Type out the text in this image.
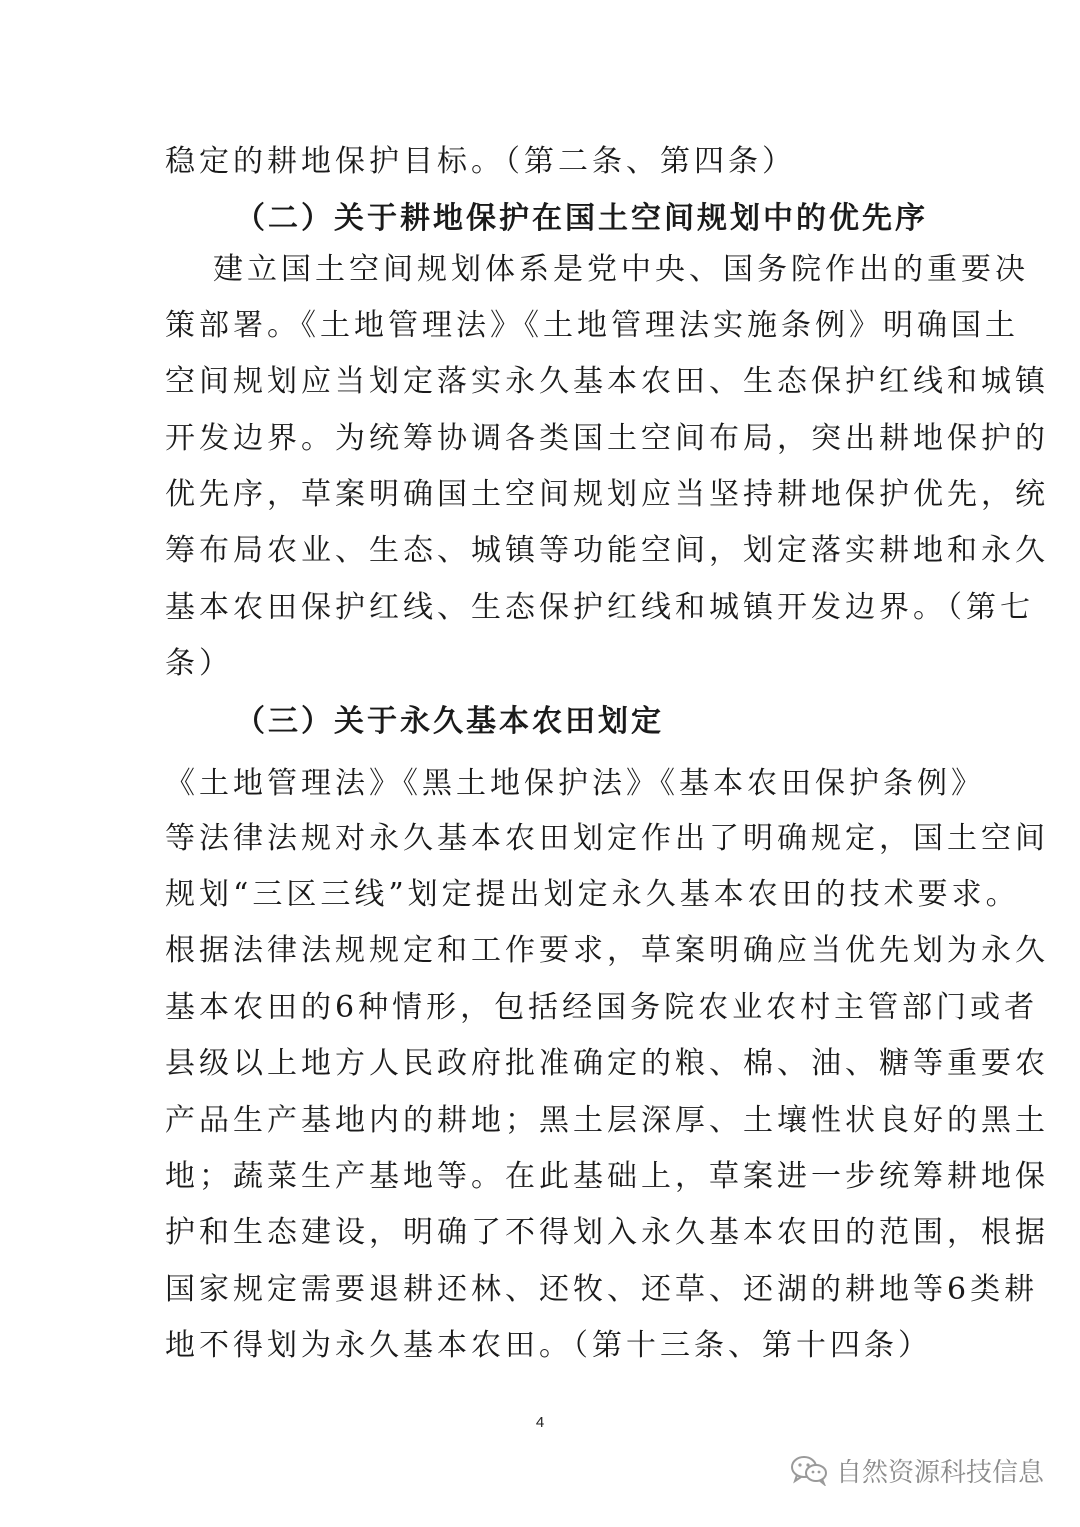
稳定的耕地保护目标。（第二条、第四条）
（二）关于耕地保护在国土空间规划中的优先序
建立国土空间规划体系是党中央、国务院作出的重要决
策部署。《土地管理法》《土地管理法实施条例》明确国土
空间规划应当划定落实永久基本农田、生态保护红线和城镇
开发边界。为统筹协调各类国土空间布局，突出耕地保护的
优先序，草案明确国土空间规划应当坚持耕地保护优先，统
筹布局农业、生态、城镇等功能空间，划定落实耕地和永久
基本农田保护红线、生态保护红线和城镇开发边界。（第七
条）
（三）关于永久基本农田划定
《土地管理法》《黑土地保护法》《基本农田保护条例》
等法律法规对永久基本农田划定作出了明确规定，国土空间
规划“三区三线”划定提出划定永久基本农田的技术要求。
根据法律法规规定和工作要求，草案明确应当优先划为永久
基本农田的6种情形，包括经国务院农业农村主管部门或者
县级以上地方人民政府批准确定的粮、棉、油、糖等重要农
产品生产基地内的耕地；黑土层深厚、土壤性状良好的黑土
地；蔬菜生产基地等。在此基础上，草案进一步统筹耕地保
护和生态建设，明确了不得划入永久基本农田的范围，根据
国家规定需要退耕还林、还牧、还草、还湖的耕地等6类耕
地不得划为永久基本农田。（第十三条、第十四条）
4
自然资源科技信息
